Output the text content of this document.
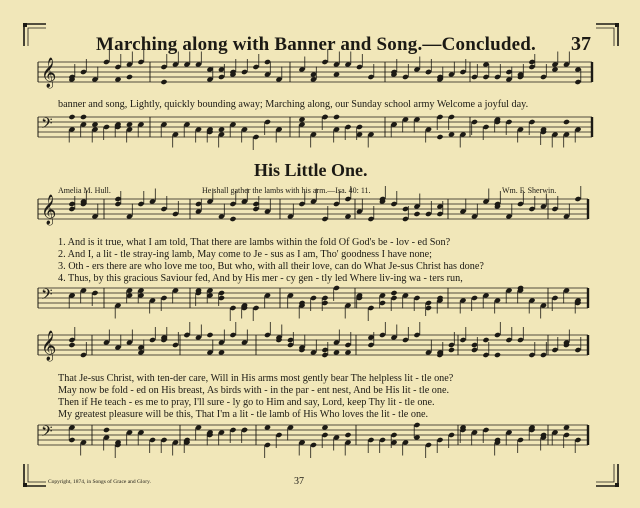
Marching along with Banner and Song.—Concluded. 37
𝄞
𝄢
𝄞
𝄢
𝄞
𝄢
banner and song, Lightly, quickly bounding away; Marching along, our Sunday school army Welcome a joyful day.
His Little One.
Amelia M. Hull.	He shall gather the lambs with his arm.—Isa. 40: 11.	Wm. F. Sherwin.
1. And is it true, what I am told, That there are lambs within the fold Of God's be - lov - ed Son?
2. And I, a lit - tle stray-ing lamb, May come to Je - sus as I am, Tho' goodness I have none;
3. Oth - ers there are who love me too, But who, with all their love, can do What Je-sus Christ has done?
4. Thus, by this gracious Saviour fed, And by His mer - cy gen - tly led Where liv-ing wa - ters run,
That Je-sus Christ, with ten-der care, Will in His arms most gently bear The helpless lit - tle one?
May now be fold - ed on His breast, As birds with - in the par - ent nest, And be His lit - tle one.
Then if He teach - es me to pray, I'll sure - ly go to Him and say, Lord, keep Thy lit - tle one.
My greatest pleasure will be this, That I'm a lit - tle lamb of His Who loves the lit - tle one.
Copyright, 1874, in Songs of Grace and Glory.	37
